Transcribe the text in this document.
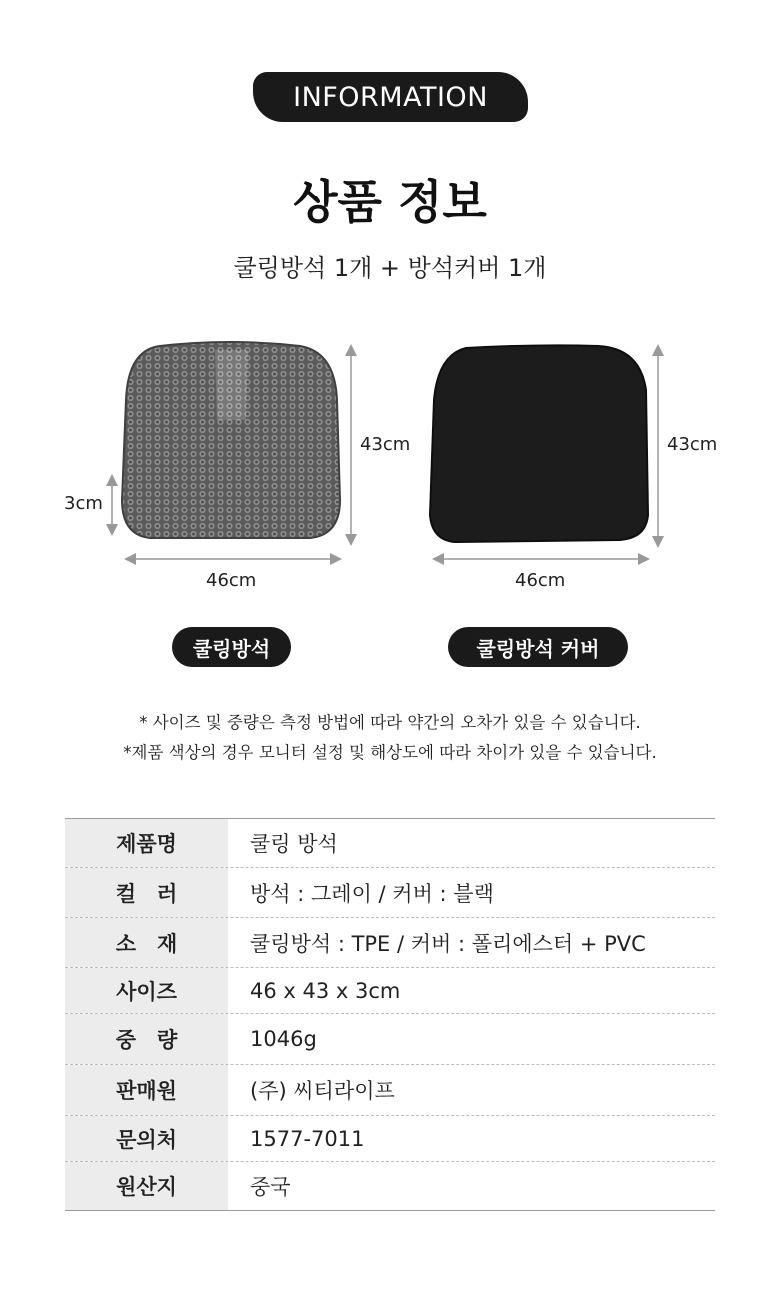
INFORMATION
상품 정보
쿨링방석 1개 + 방석커버 1개
43cm
3cm
46cm
43cm
46cm
쿨링방석	쿨링방석 커버
* 사이즈 및 중량은 측정 방법에 따라 약간의 오차가 있을 수 있습니다.
*제품 색상의 경우 모니터 설정 및 해상도에 따라 차이가 있을 수 있습니다.
제품명	쿨링 방석
컬　러	방석 : 그레이 / 커버 : 블랙
소　재	쿨링방석 : TPE / 커버 : 폴리에스터 + PVC
사이즈	46 x 43 x 3cm
중　량	1046g
판매원	(주) 씨티라이프
문의처	1577-7011
원산지	중국
